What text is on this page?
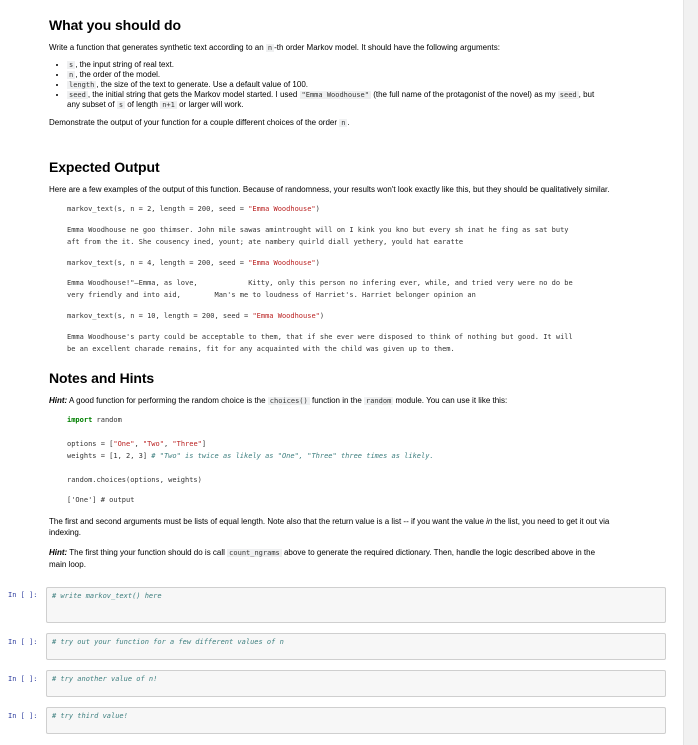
What you should do

Write a function that generates synthetic text according to an n -th order Markov model. It should have the following arguments:

• s , the input string of real text.
• n , the order of the model.
• length , the size of the text to generate. Use a default value of 100.
• seed , the initial string that gets the Markov model started. I used "Emma Woodhouse" (the full name of the protagonist of the novel) as my seed , but
any subset of s of length n+1 or larger will work.

Demonstrate the output of your function for a couple different choices of the order n .

Expected Output

Here are a few examples of the output of this function. Because of randomness, your results won't look exactly like this, but they should be qualitatively similar.

markov_text(s, n = 2, length = 200, seed = "Emma Woodhouse")
Emma Woodhouse ne goo thimser. John mile sawas amintrought will on I kink you kno but every sh inat he fing as sat buty
aft from the it. She cousency ined, yount; ate nambery quirld diall yethery, yould hat earatte
markov_text(s, n = 4, length = 200, seed = "Emma Woodhouse")
Emma Woodhouse!"—Emma, as love,            Kitty, only this person no infering ever, while, and tried very were no do be
very friendly and into aid,        Man's me to loudness of Harriet's. Harriet belonger opinion an
markov_text(s, n = 10, length = 200, seed = "Emma Woodhouse")
Emma Woodhouse's party could be acceptable to them, that if she ever were disposed to think of nothing but good. It will
be an excellent charade remains, fit for any acquainted with the child was given up to them.
Notes and Hints

Hint: A good function for performing the random choice is the choices() function in the random module. You can use it like this:

import random
options = ["One", "Two", "Three"]
weights = [1, 2, 3] # "Two" is twice as likely as "One", "Three" three times as likely.
random.choices(options, weights)
['One'] # output

The first and second arguments must be lists of equal length. Note also that the return value is a list -- if you want the value in the list, you need to get it out via
indexing.

Hint: The first thing your function should do is call count_ngrams above to generate the required dictionary. Then, handle the logic described above in the
main loop.

In [ ]:	# write markov_text() here
In [ ]:	# try out your function for a few different values of n
In [ ]:	# try another value of n!
In [ ]:	# try third value!
